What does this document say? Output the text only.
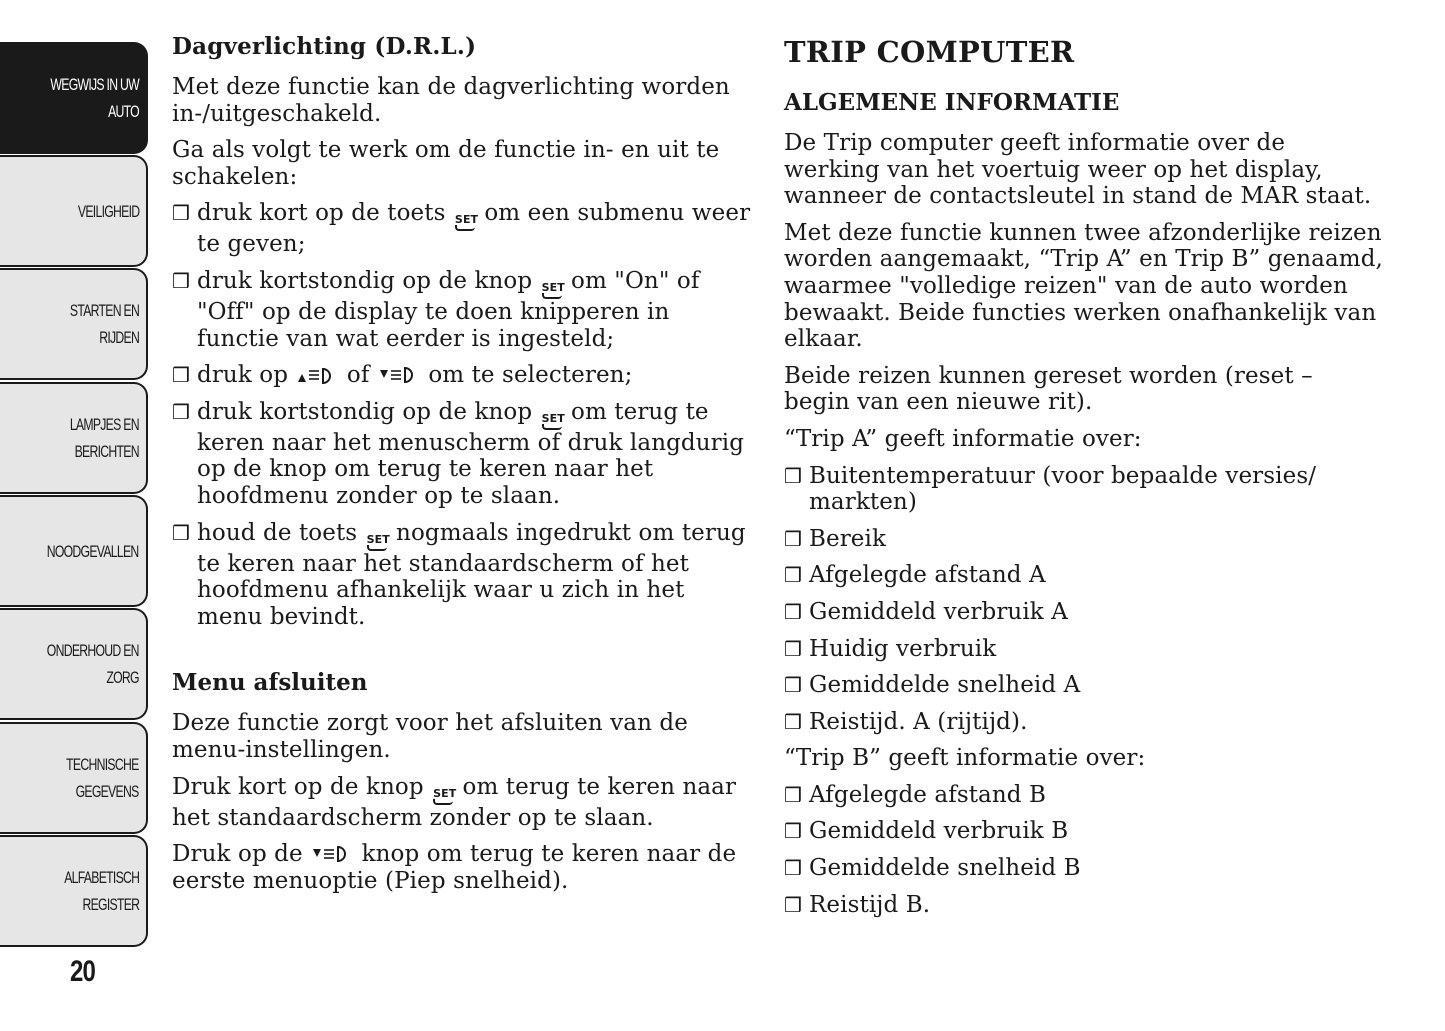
WEGWIJS IN UW
AUTO
VEILIGHEID
STARTEN EN
RIJDEN
LAMPJES EN
BERICHTEN
NOODGEVALLEN
ONDERHOUD EN
ZORG
TECHNISCHE
GEGEVENS
ALFABETISCH
REGISTER
20
Dagverlichting (D.R.L.)

Met deze functie kan de dagverlichting worden in-/uitgeschakeld.

Ga als volgt te werk om de functie in- en uit te schakelen:

❒ druk kort op de toets SET om een submenu weer te geven;
❒ druk kortstondig op de knop SET om "On" of "Off" op de display te doen knipperen in functie van wat eerder is ingesteld;
❒ druk op	of	om te selecteren;
❒ druk kortstondig op de knop SET om terug te keren naar het menuscherm of druk langdurig op de knop om terug te keren naar het hoofdmenu zonder op te slaan.
❒ houd de toets SET nogmaals ingedrukt om terug te keren naar het standaardscherm of het hoofdmenu afhankelijk waar u zich in het menu bevindt.
Menu afsluiten

Deze functie zorgt voor het afsluiten van de menu-instellingen.

Druk kort op de knop SET om terug te keren naar het standaardscherm zonder op te slaan.

Druk op de	knop om terug te keren naar de eerste menuoptie (Piep snelheid).

TRIP COMPUTER
ALGEMENE INFORMATIE

De Trip computer geeft informatie over de werking van het voertuig weer op het display, wanneer de contactsleutel in stand de MAR staat.

Met deze functie kunnen twee afzonderlijke reizen worden aangemaakt, “Trip A” en Trip B” genaamd, waarmee "volledige reizen" van de auto worden bewaakt. Beide functies werken onafhankelijk van elkaar.

Beide reizen kunnen gereset worden (reset – begin van een nieuwe rit).

“Trip A” geeft informatie over:

❒ Buitentemperatuur (voor bepaalde versies/ markten)
❒ Bereik
❒ Afgelegde afstand A
❒ Gemiddeld verbruik A
❒ Huidig verbruik
❒ Gemiddelde snelheid A
❒ Reistijd. A (rijtijd).

“Trip B” geeft informatie over:

❒ Afgelegde afstand B
❒ Gemiddeld verbruik B
❒ Gemiddelde snelheid B
❒ Reistijd B.
